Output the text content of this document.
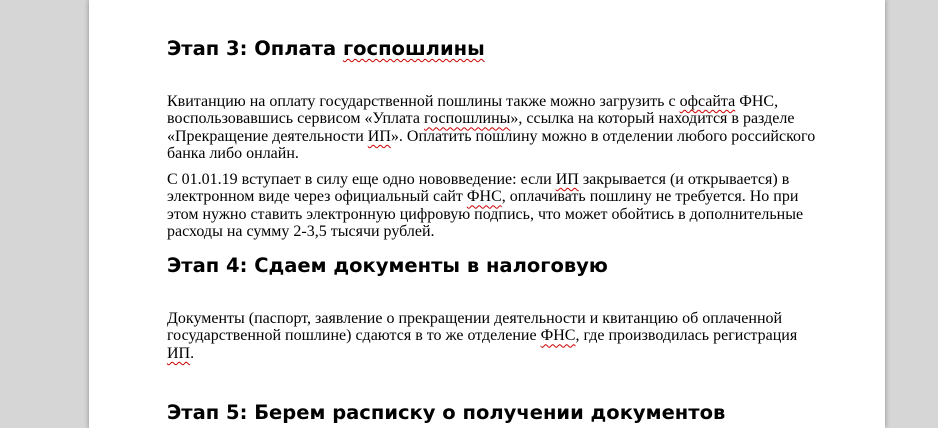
Этап 3: Оплата госпошлины

Квитанцию на оплату государственной пошлины также можно загрузить с офсайта ФНС, воспользовавшись сервисом «Уплата госпошлины», ссылка на который находится в разделе «Прекращение деятельности ИП». Оплатить пошлину можно в отделении любого российского банка либо онлайн.

С 01.01.19 вступает в силу еще одно нововведение: если ИП закрывается (и открывается) в электронном виде через официальный сайт ФНС, оплачивать пошлину не требуется. Но при этом нужно ставить электронную цифровую подпись, что может обойтись в дополнительные расходы на сумму 2-3,5 тысячи рублей.

Этап 4: Сдаем документы в налоговую

Документы (паспорт, заявление о прекращении деятельности и квитанцию об оплаченной государственной пошлине) сдаются в то же отделение ФНС, где производилась регистрация ИП.

Этап 5: Берем расписку о получении документов
